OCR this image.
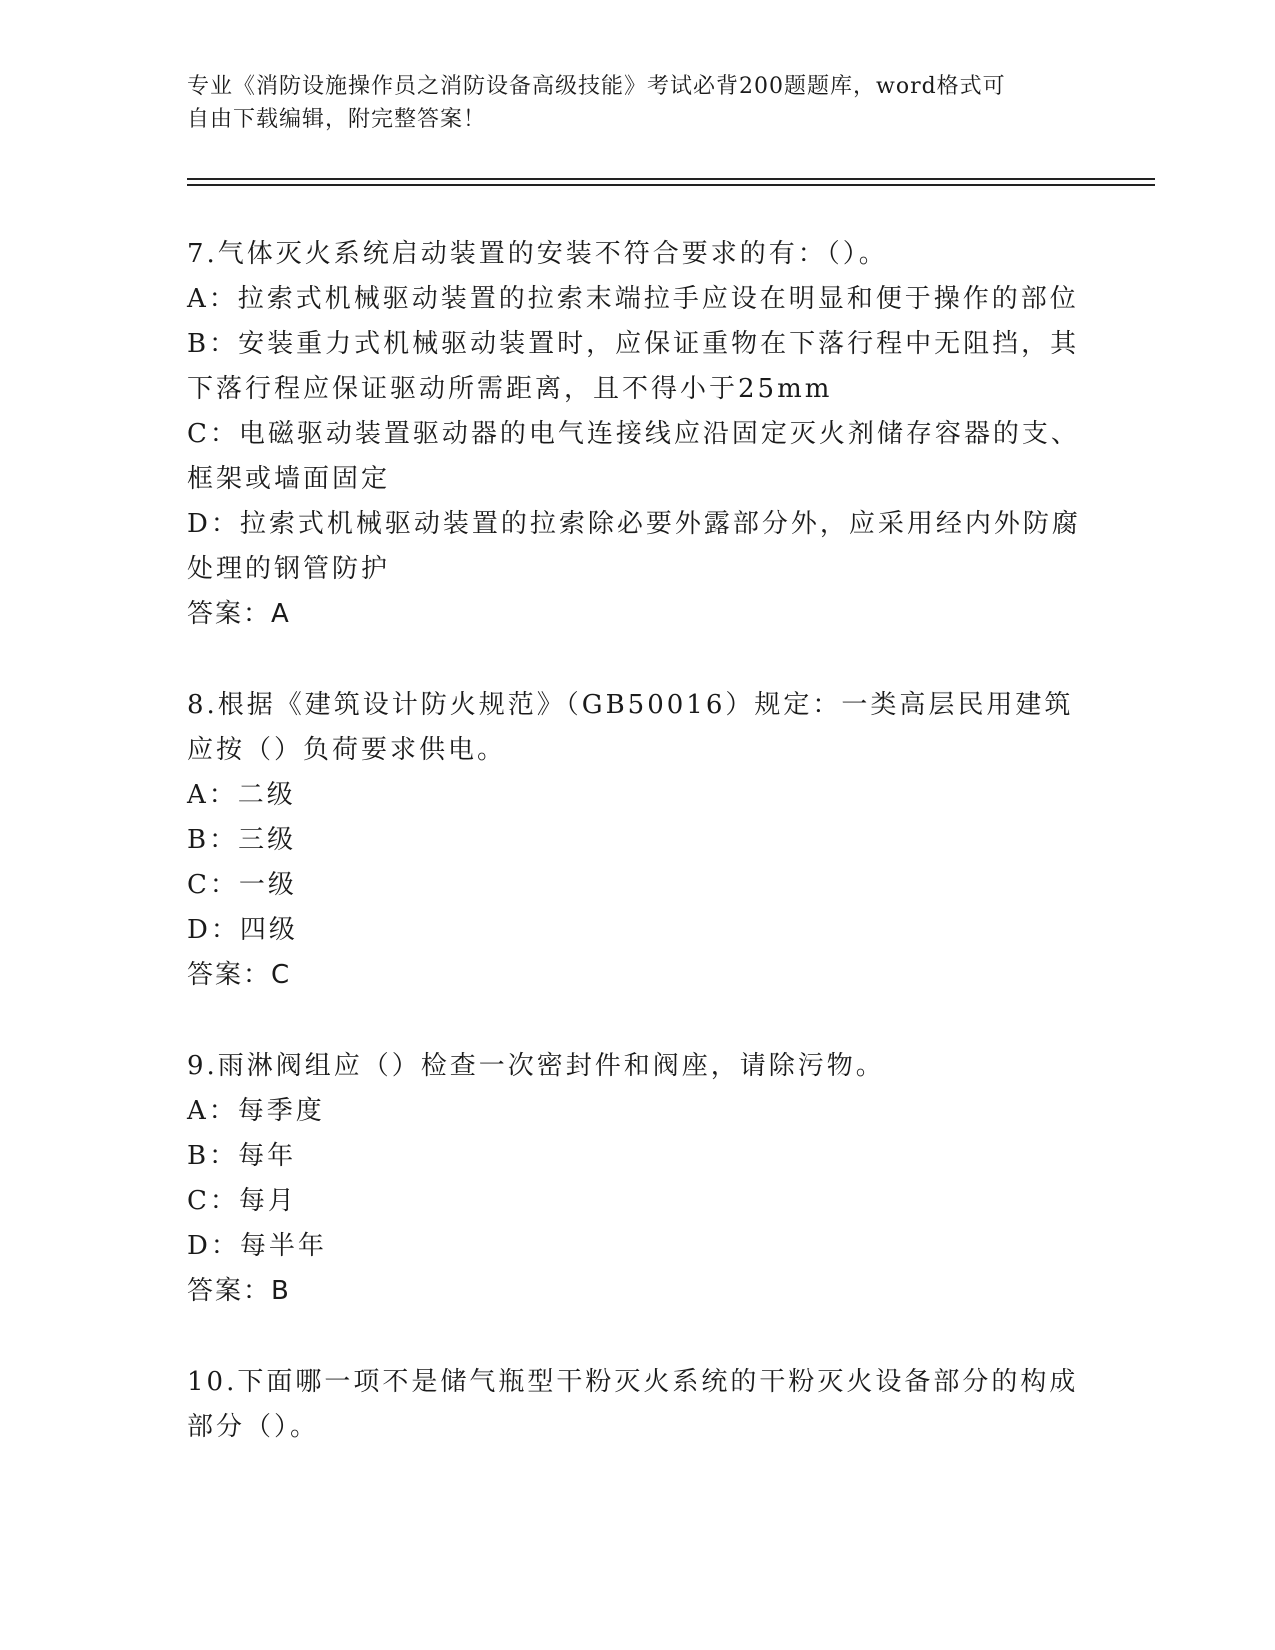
专业《消防设施操作员之消防设备高级技能》考试必背200题题库，word格式可
自由下载编辑，附完整答案！

7.气体灭火系统启动装置的安装不符合要求的有：（）。

A：拉索式机械驱动装置的拉索末端拉手应设在明显和便于操作的部位

B：安装重力式机械驱动装置时，应保证重物在下落行程中无阻挡，其下落行程应保证驱动所需距离，且不得小于25mm

C：电磁驱动装置驱动器的电气连接线应沿固定灭火剂储存容器的支、框架或墙面固定

D：拉索式机械驱动装置的拉索除必要外露部分外，应采用经内外防腐处理的钢管防护

答案：A

8.根据《建筑设计防火规范》（GB50016）规定：一类高层民用建筑应按（）负荷要求供电。

A：二级

B：三级

C：一级

D：四级

答案：C

9.雨淋阀组应（）检查一次密封件和阀座，请除污物。

A：每季度

B：每年

C：每月

D：每半年

答案：B

10.下面哪一项不是储气瓶型干粉灭火系统的干粉灭火设备部分的构成部分（）。
